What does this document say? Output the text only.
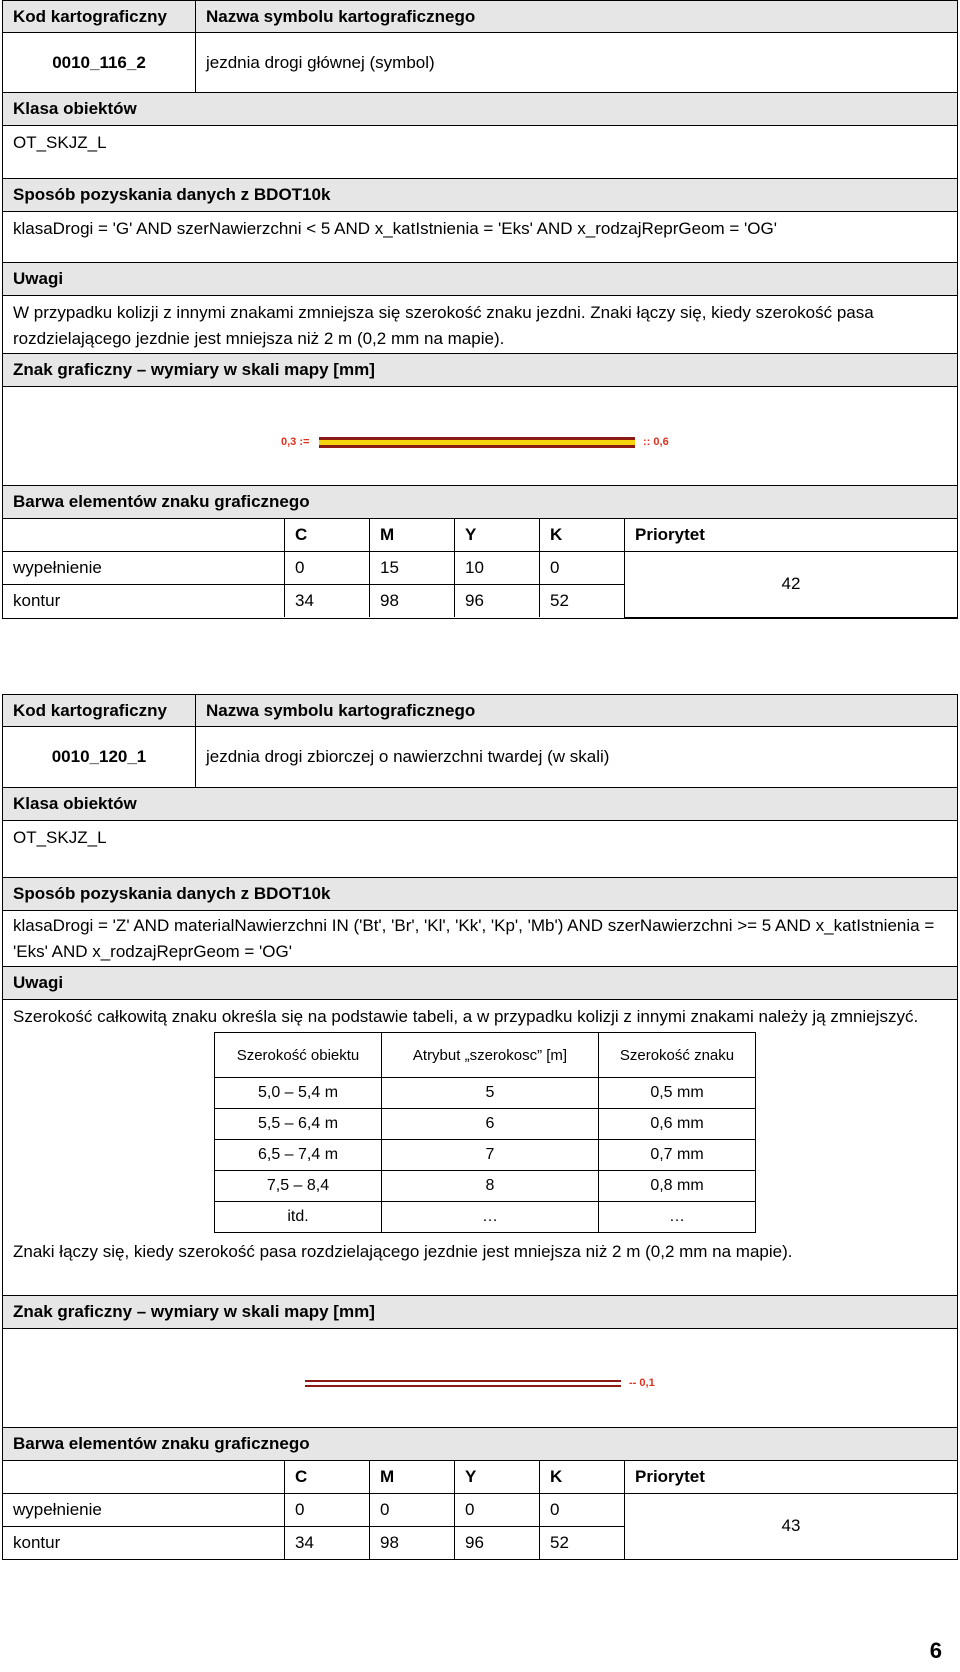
Kod kartograficzny	Nazwa symbolu kartograficznego
0010_116_2	jezdnia drogi głównej (symbol)
Klasa obiektów
OT_SKJZ_L
Sposób pozyskania danych z BDOT10k
klasaDrogi = 'G' AND szerNawierzchni < 5 AND x_katIstnienia = 'Eks' AND x_rodzajReprGeom = 'OG'
Uwagi
W przypadku kolizji z innymi znakami zmniejsza się szerokość znaku jezdni. Znaki łączy się, kiedy szerokość pasa rozdzielającego jezdnie jest mniejsza niż 2 m (0,2 mm na mapie).
Znak graficzny – wymiary w skali mapy [mm]
0,3 :=	:: 0,6
Barwa elementów znaku graficznego
	C	M	Y	K	Priorytet
wypełnienie	0	15	10	0	42
kontur	34	98	96	52	
Kod kartograficzny	Nazwa symbolu kartograficznego
0010_120_1	jezdnia drogi zbiorczej o nawierzchni twardej (w skali)
Klasa obiektów
OT_SKJZ_L
Sposób pozyskania danych z BDOT10k
klasaDrogi = 'Z' AND materialNawierzchni IN ('Bt', 'Br', 'Kl', 'Kk', 'Kp', 'Mb') AND szerNawierzchni >= 5 AND x_katIstnienia = 'Eks' AND x_rodzajReprGeom = 'OG'
Uwagi
Szerokość całkowitą znaku określa się na podstawie tabeli, a w przypadku kolizji z innymi znakami należy ją zmniejszyć.
Szerokość obiektu	Atrybut „szerokosc” [m]	Szerokość znaku
5,0 – 5,4 m	5	0,5 mm
5,5 – 6,4 m	6	0,6 mm
6,5 – 7,4 m	7	0,7 mm
7,5 – 8,4	8	0,8 mm
itd.	…	…
Znaki łączy się, kiedy szerokość pasa rozdzielającego jezdnie jest mniejsza niż 2 m (0,2 mm na mapie).
Znak graficzny – wymiary w skali mapy [mm]
-- 0,1
Barwa elementów znaku graficznego
	C	M	Y	K	Priorytet
wypełnienie	0	0	0	0	43
kontur	34	98	96	52	
6
